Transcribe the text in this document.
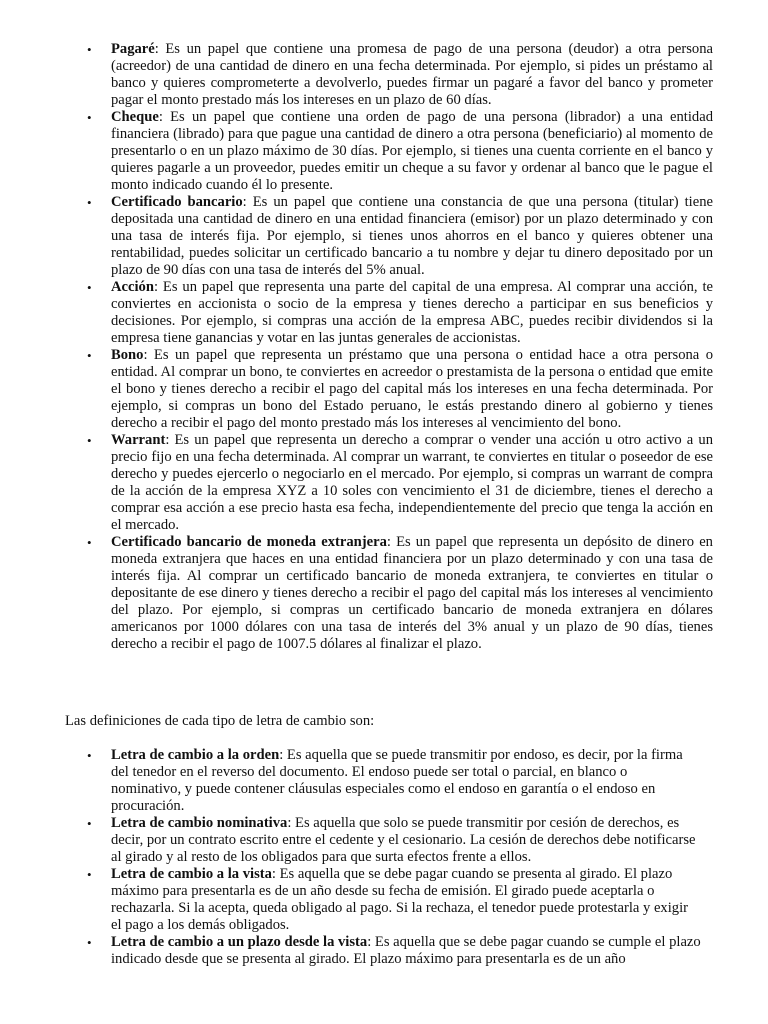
• Pagaré: Es un papel que contiene una promesa de pago de una persona (deudor) a otra persona (acreedor) de una cantidad de dinero en una fecha determinada. Por ejemplo, si pides un préstamo al banco y quieres comprometerte a devolverlo, puedes firmar un pagaré a favor del banco y prometer pagar el monto prestado más los intereses en un plazo de 60 días.
• Cheque: Es un papel que contiene una orden de pago de una persona (librador) a una entidad financiera (librado) para que pague una cantidad de dinero a otra persona (beneficiario) al momento de presentarlo o en un plazo máximo de 30 días. Por ejemplo, si tienes una cuenta corriente en el banco y quieres pagarle a un proveedor, puedes emitir un cheque a su favor y ordenar al banco que le pague el monto indicado cuando él lo presente.
• Certificado bancario: Es un papel que contiene una constancia de que una persona (titular) tiene depositada una cantidad de dinero en una entidad financiera (emisor) por un plazo determinado y con una tasa de interés fija. Por ejemplo, si tienes unos ahorros en el banco y quieres obtener una rentabilidad, puedes solicitar un certificado bancario a tu nombre y dejar tu dinero depositado por un plazo de 90 días con una tasa de interés del 5% anual.
• Acción: Es un papel que representa una parte del capital de una empresa. Al comprar una acción, te conviertes en accionista o socio de la empresa y tienes derecho a participar en sus beneficios y decisiones. Por ejemplo, si compras una acción de la empresa ABC, puedes recibir dividendos si la empresa tiene ganancias y votar en las juntas generales de accionistas.
• Bono: Es un papel que representa un préstamo que una persona o entidad hace a otra persona o entidad. Al comprar un bono, te conviertes en acreedor o prestamista de la persona o entidad que emite el bono y tienes derecho a recibir el pago del capital más los intereses en una fecha determinada. Por ejemplo, si compras un bono del Estado peruano, le estás prestando dinero al gobierno y tienes derecho a recibir el pago del monto prestado más los intereses al vencimiento del bono.
• Warrant: Es un papel que representa un derecho a comprar o vender una acción u otro activo a un precio fijo en una fecha determinada. Al comprar un warrant, te conviertes en titular o poseedor de ese derecho y puedes ejercerlo o negociarlo en el mercado. Por ejemplo, si compras un warrant de compra de la acción de la empresa XYZ a 10 soles con vencimiento el 31 de diciembre, tienes el derecho a comprar esa acción a ese precio hasta esa fecha, independientemente del precio que tenga la acción en el mercado.
• Certificado bancario de moneda extranjera: Es un papel que representa un depósito de dinero en moneda extranjera que haces en una entidad financiera por un plazo determinado y con una tasa de interés fija. Al comprar un certificado bancario de moneda extranjera, te conviertes en titular o depositante de ese dinero y tienes derecho a recibir el pago del capital más los intereses al vencimiento del plazo. Por ejemplo, si compras un certificado bancario de moneda extranjera en dólares americanos por 1000 dólares con una tasa de interés del 3% anual y un plazo de 90 días, tienes derecho a recibir el pago de 1007.5 dólares al finalizar el plazo.

Las definiciones de cada tipo de letra de cambio son:

• Letra de cambio a la orden: Es aquella que se puede transmitir por endoso, es decir, por la firma del tenedor en el reverso del documento. El endoso puede ser total o parcial, en blanco o nominativo, y puede contener cláusulas especiales como el endoso en garantía o el endoso en procuración.
• Letra de cambio nominativa: Es aquella que solo se puede transmitir por cesión de derechos, es decir, por un contrato escrito entre el cedente y el cesionario. La cesión de derechos debe notificarse al girado y al resto de los obligados para que surta efectos frente a ellos.
• Letra de cambio a la vista: Es aquella que se debe pagar cuando se presenta al girado. El plazo máximo para presentarla es de un año desde su fecha de emisión. El girado puede aceptarla o rechazarla. Si la acepta, queda obligado al pago. Si la rechaza, el tenedor puede protestarla y exigir el pago a los demás obligados.
• Letra de cambio a un plazo desde la vista: Es aquella que se debe pagar cuando se cumple el plazo indicado desde que se presenta al girado. El plazo máximo para presentarla es de un año
